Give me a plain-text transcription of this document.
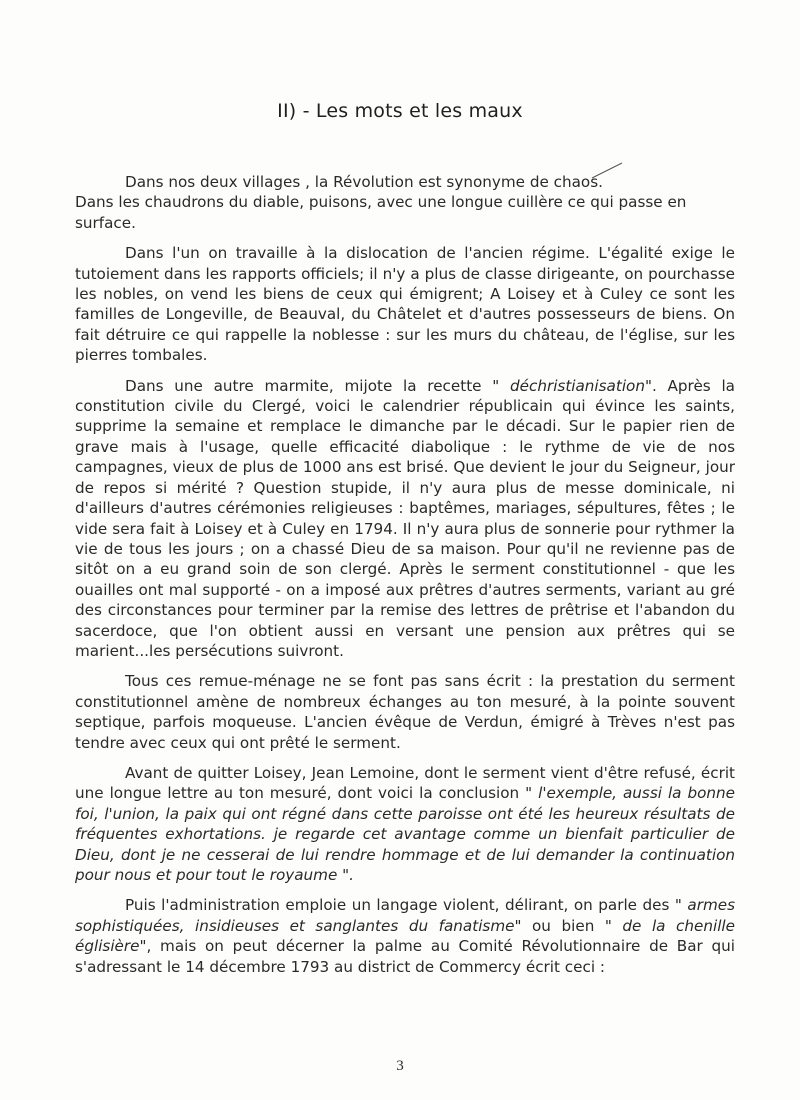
II) - Les mots et les maux

Dans nos deux villages , la Révolution est synonyme de chaos.

Dans les chaudrons du diable, puisons, avec une longue cuillère ce qui passe en surface.

Dans l'un on travaille à la dislocation de l'ancien régime. L'égalité exige le tutoiement dans les rapports officiels; il n'y a plus de classe dirigeante, on pourchasse les nobles, on vend les biens de ceux qui émigrent; A Loisey et à Culey ce sont les familles de Longeville, de Beauval, du Châtelet et d'autres possesseurs de biens. On fait détruire ce qui rappelle la noblesse : sur les murs du château, de l'église, sur les pierres tombales.

Dans une autre marmite, mijote la recette " déchristianisation". Après la constitution civile du Clergé, voici le calendrier républicain qui évince les saints, supprime la semaine et remplace le dimanche par le décadi. Sur le papier rien de grave mais à l'usage, quelle efficacité diabolique : le rythme de vie de nos campagnes, vieux de plus de 1000 ans est brisé. Que devient le jour du Seigneur, jour de repos si mérité ? Question stupide, il n'y aura plus de messe dominicale, ni d'ailleurs d'autres cérémonies religieuses : baptêmes, mariages, sépultures, fêtes ; le vide sera fait à Loisey et à Culey en 1794. Il n'y aura plus de sonnerie pour rythmer la vie de tous les jours ; on a chassé Dieu de sa maison. Pour qu'il ne revienne pas de sitôt on a eu grand soin de son clergé. Après le serment constitutionnel - que les ouailles ont mal supporté - on a imposé aux prêtres d'autres serments, variant au gré des circonstances pour terminer par la remise des lettres de prêtrise et l'abandon du sacerdoce, que l'on obtient aussi en versant une pension aux prêtres qui se marient...les persécutions suivront.

Tous ces remue-ménage ne se font pas sans écrit : la prestation du serment constitutionnel amène de nombreux échanges au ton mesuré, à la pointe souvent septique, parfois moqueuse. L'ancien évêque de Verdun, émigré à Trèves n'est pas tendre avec ceux qui ont prêté le serment.

Avant de quitter Loisey, Jean Lemoine, dont le serment vient d'être refusé, écrit une longue lettre au ton mesuré, dont voici la conclusion " l'exemple, aussi la bonne foi, l'union, la paix qui ont régné dans cette paroisse ont été les heureux résultats de fréquentes exhortations. je regarde cet avantage comme un bienfait particulier de Dieu, dont je ne cesserai de lui rendre hommage et de lui demander la continuation pour nous et pour tout le royaume ".

Puis l'administration emploie un langage violent, délirant, on parle des " armes sophistiquées, insidieuses et sanglantes du fanatisme" ou bien " de la chenille églisière", mais on peut décerner la palme au Comité Révolutionnaire de Bar qui s'adressant le 14 décembre 1793 au district de Commercy écrit ceci :

3
